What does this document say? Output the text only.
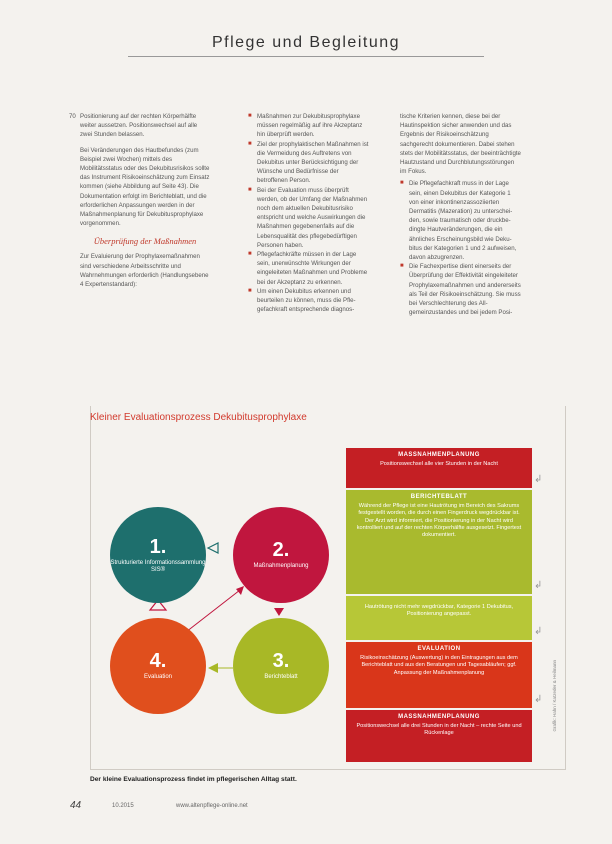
Pflege und Begleitung

70 Positionierung auf der rechten Körperhälfte weiter aussetzen. Positionswechsel auf alle zwei Stunden belassen.

Bei Veränderungen des Hautbefundes (zum Beispiel zwei Wochen) mittels des Mobilitätsstatus oder des Dekubitusrisikos sollte das Instrument Risikoeinschätzung zum Einsatz kommen (siehe Abbildung auf Seite 43). Die Dokumentation erfolgt im Berichteblatt, und die erforderlichen Anpassungen werden in der Maßnahmenplanung für Dekubitusprophylaxe vorgenommen.

Überprüfung der Maßnahmen

Zur Evaluierung der Prophylaxemaßnahmen sind verschiedene Arbeitsschritte und Wahrnehmungen erforderlich (Handlungsebene 4 Expertenstandard):

■ Maßnahmen zur Dekubitusprophylaxe müssen regelmäßig auf ihre Akzeptanz hin überprüft werden.

■ Ziel der prophylaktischen Maßnahmen ist die Vermeidung des Auftretens von Dekubitus unter Berücksichtigung der Wünsche und Bedürfnisse der betroffenen Person.

■ Bei der Evaluation muss überprüft werden, ob der Umfang der Maßnahmen noch dem aktuellen Dekubitusrisiko entspricht und welche Auswirkungen die Maßnahmen gegebenenfalls auf die Lebensqualität des pflegebedürftigen Personen haben.

■ Pflegefachkräfte müssen in der Lage sein, unerwünschte Wirkungen der eingeleiteten Maßnahmen und Probleme bei der Akzeptanz zu erkennen.

■ Um einen Dekubitus erkennen und beurteilen zu können, muss die Pflegefachkraft entsprechende diagnos-

tische Kriterien kennen, diese bei der Hautinspektion sicher anwenden und das Ergebnis der Risikoeinschätzung sachgerecht dokumentieren. Dabei stehen stets der Mobilitätsstatus, der beeinträchtigte Hautzustand und Durchblutungsstörungen im Fokus.

■ Die Pflegefachkraft muss in der Lage sein, einen Dekubitus der Kategorie 1 von einer inkontinenzassoziierten Dermatitis (Mazeration) zu unterscheiden, sowie traumatisch oder druckbedingte Hautveränderungen, die ein ähnliches Erscheinungsbild wie Dekubitus der Kategorien 1 und 2 aufweisen, davon abzugrenzen.

■ Die Fachexpertise dient einerseits der Überprüfung der Effektivität eingeleiteter Prophylaxemaßnahmen und andererseits als Teil der Risikoeinschätzung. Sie muss bei Verschlechterung des Allgemeinzustandes und bei jedem Posi-

Kleiner Evaluationsprozess Dekubitusprophylaxe
1.
Strukturierte Informationssammlung SIS®
2.
Maßnahmenplanung
3.
Berichteblatt
4.
Evaluation
MASSNAHMENPLANUNG
Positionswechsel alle vier Stunden in der Nacht
BERICHTEBLATT
Während der Pflege ist eine Hautrötung im Bereich des Sakrums festgestellt worden, die durch einen Fingerdruck wegdrückbar ist. Der Arzt wird informiert, die Positionierung in der Nacht wird kontrolliert und auf der rechten Körperhälfte ausgesetzt. Fingertest dokumentiert.
Hautrötung nicht mehr wegdrückbar, Kategorie 1 Dekubitus, Positionierung angepasst.
EVALUATION
Risikoeinschätzung (Auswertung) in den Eintragungen aus dem Berichteblatt und aus den Beratungen und Tagesabläufen; ggf. Anpassung der Maßnahmenplanung
MASSNAHMENPLANUNG
Positionswechsel alle drei Stunden in der Nacht – rechte Seite und Rückenlage
↲
↲
↲
↲ Grafik: Hahn / Katzeder & Heilmann
Der kleine Evaluationsprozess findet im pflegerischen Alltag statt.
44	10.2015	www.altenpflege-online.net
